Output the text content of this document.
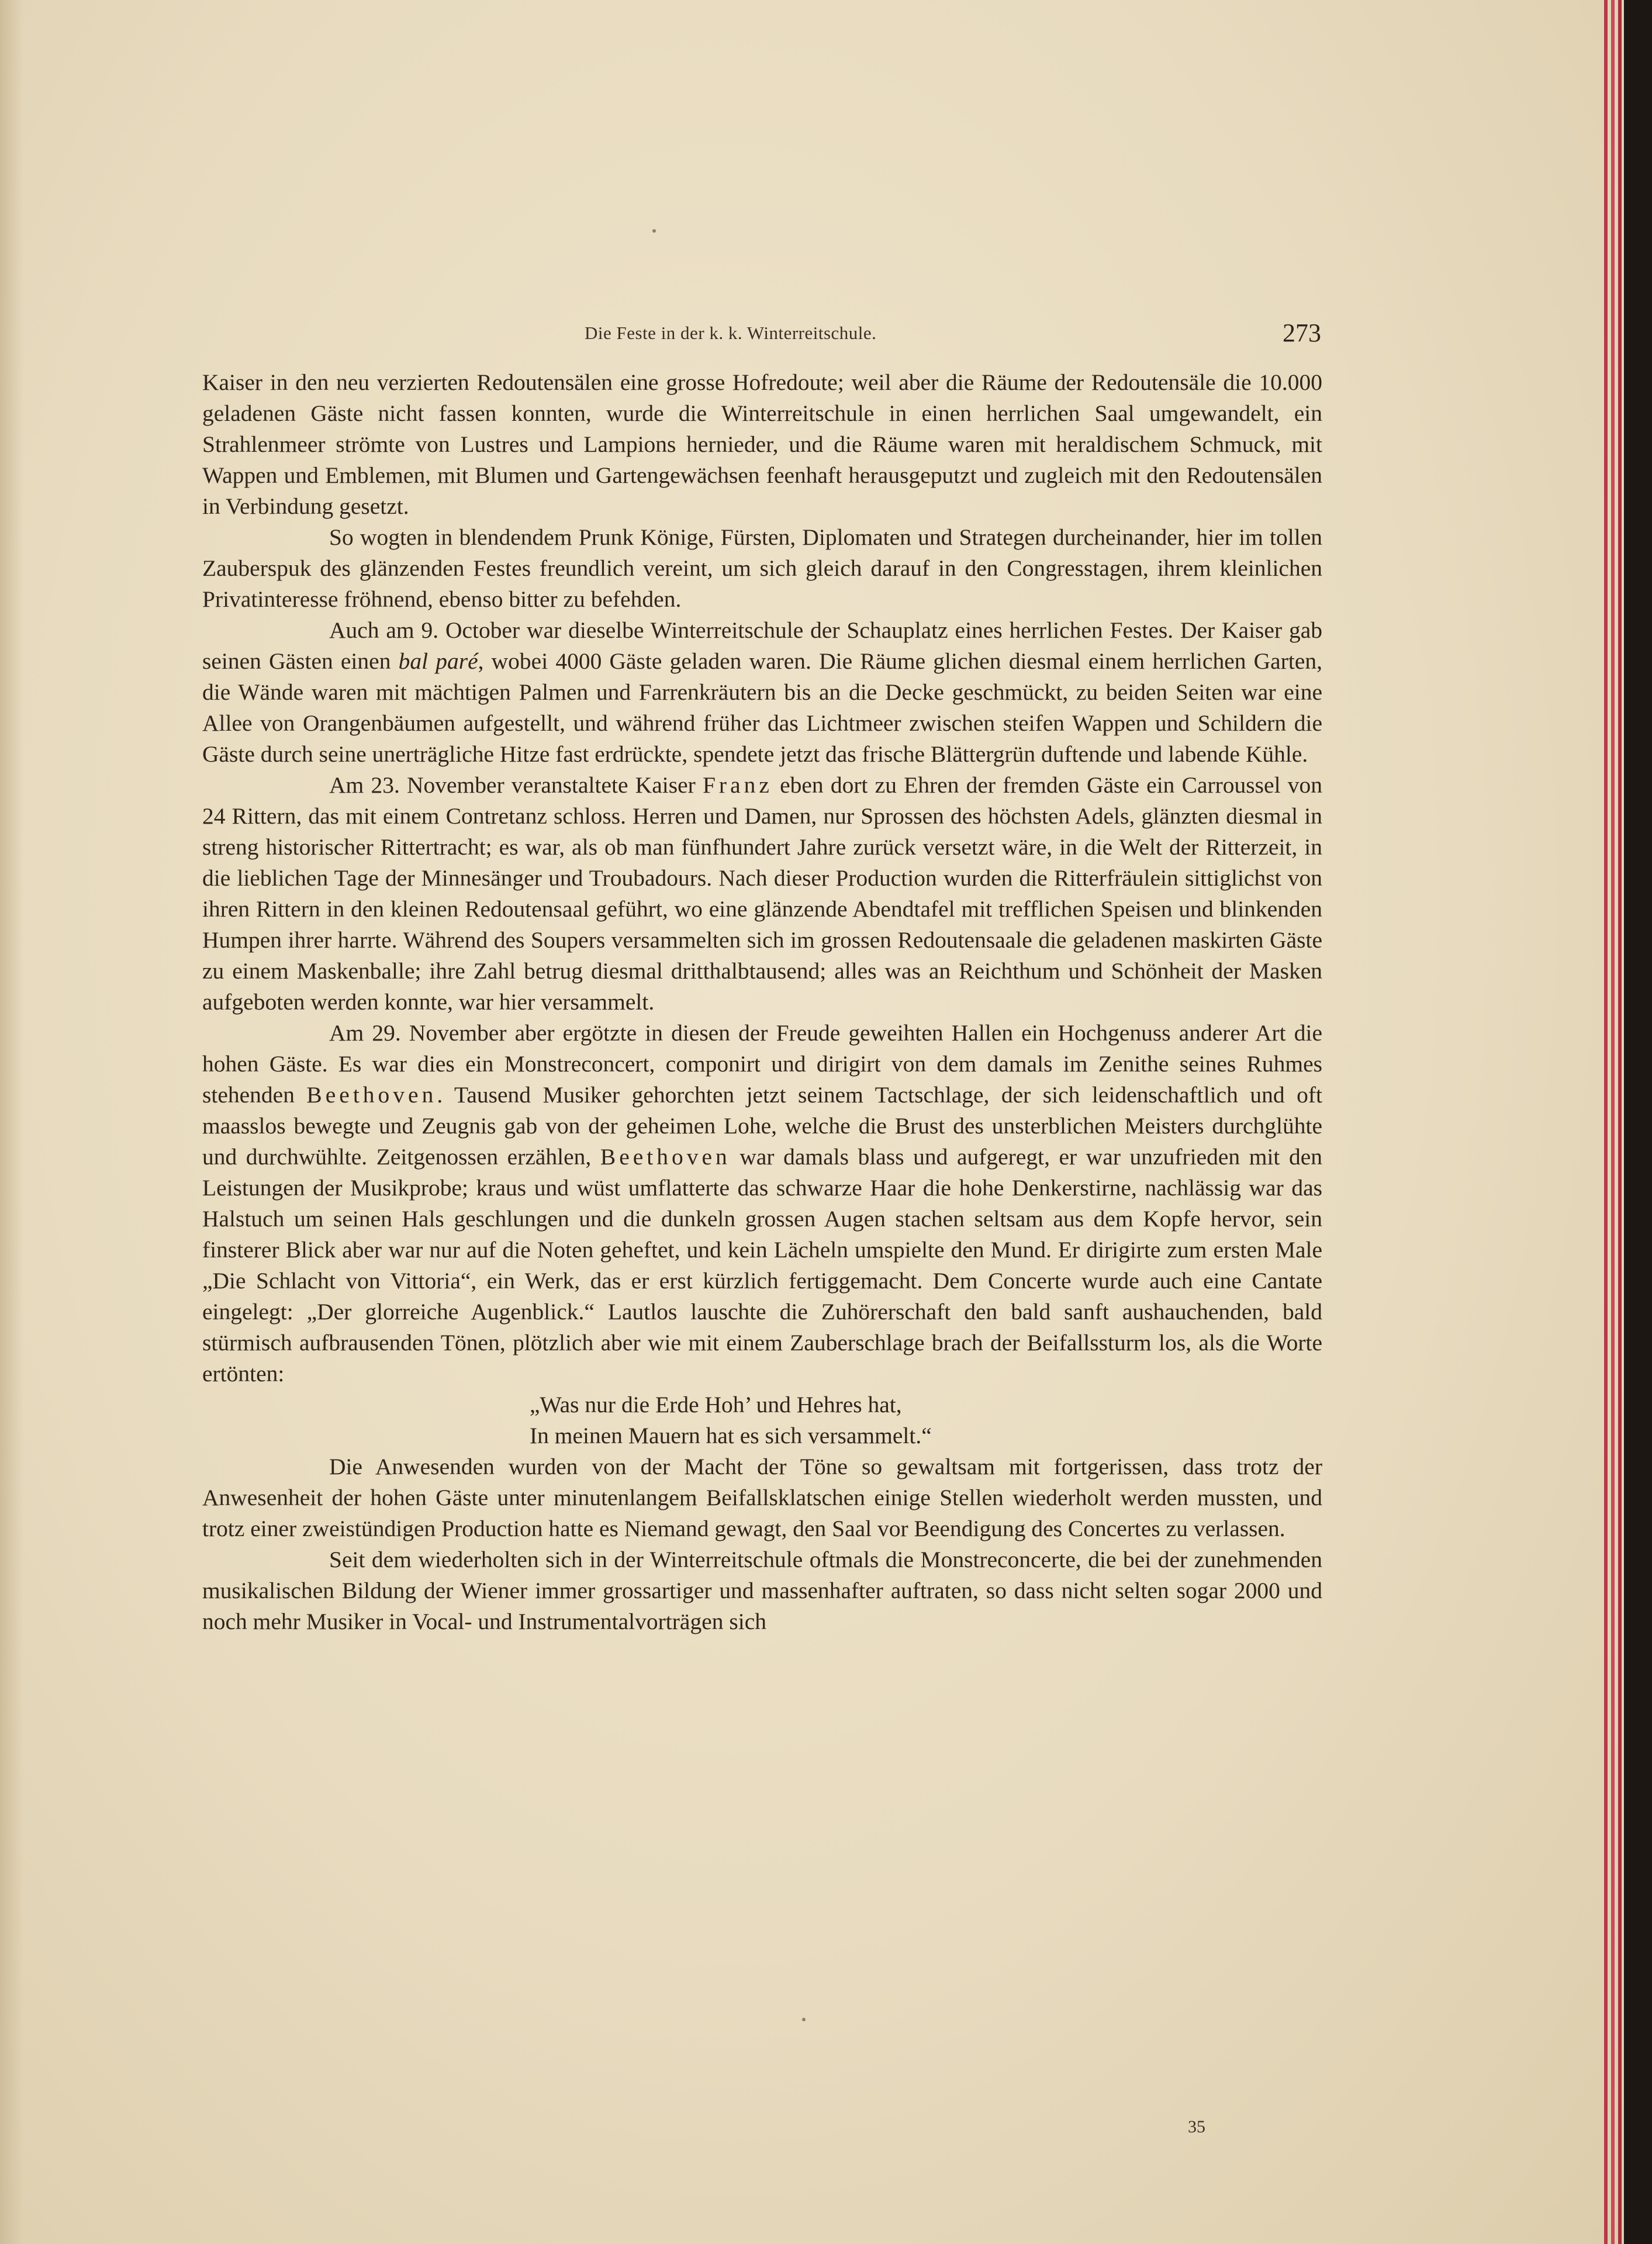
Die Feste in der k. k. Winterreitschule.	273

Kaiser in den neu verzierten Redoutensälen eine grosse Hofredoute; weil aber die Räume der Redoutensäle die 10.000 geladenen Gäste nicht fassen konnten, wurde die Winterreitschule in einen herrlichen Saal umgewandelt, ein Strahlenmeer strömte von Lustres und Lampions hernieder, und die Räume waren mit heraldischem Schmuck, mit Wappen und Emblemen, mit Blumen und Gartengewächsen feenhaft herausgeputzt und zugleich mit den Redoutensälen in Verbindung gesetzt.

So wogten in blendendem Prunk Könige, Fürsten, Diplomaten und Strategen durcheinander, hier im tollen Zauberspuk des glänzenden Festes freundlich vereint, um sich gleich darauf in den Congresstagen, ihrem kleinlichen Privatinteresse fröhnend, ebenso bitter zu befehden.

Auch am 9. October war dieselbe Winterreitschule der Schauplatz eines herrlichen Festes. Der Kaiser gab seinen Gästen einen bal paré, wobei 4000 Gäste geladen waren. Die Räume glichen diesmal einem herrlichen Garten, die Wände waren mit mächtigen Palmen und Farrenkräutern bis an die Decke geschmückt, zu beiden Seiten war eine Allee von Orangenbäumen aufgestellt, und während früher das Lichtmeer zwischen steifen Wappen und Schildern die Gäste durch seine unerträgliche Hitze fast erdrückte, spendete jetzt das frische Blättergrün duftende und labende Kühle.

Am 23. November veranstaltete Kaiser Franz eben dort zu Ehren der fremden Gäste ein Carroussel von 24 Rittern, das mit einem Contretanz schloss. Herren und Damen, nur Sprossen des höchsten Adels, glänzten diesmal in streng historischer Rittertracht; es war, als ob man fünfhundert Jahre zurück versetzt wäre, in die Welt der Ritterzeit, in die lieblichen Tage der Minnesänger und Troubadours. Nach dieser Production wurden die Ritterfräulein sittiglichst von ihren Rittern in den kleinen Redoutensaal geführt, wo eine glänzende Abendtafel mit trefflichen Speisen und blinkenden Humpen ihrer harrte. Während des Soupers versammelten sich im grossen Redoutensaale die geladenen maskirten Gäste zu einem Maskenballe; ihre Zahl betrug diesmal dritthalbtausend; alles was an Reichthum und Schönheit der Masken aufgeboten werden konnte, war hier versammelt.

Am 29. November aber ergötzte in diesen der Freude geweihten Hallen ein Hochgenuss anderer Art die hohen Gäste. Es war dies ein Monstreconcert, componirt und dirigirt von dem damals im Zenithe seines Ruhmes stehenden Beethoven. Tausend Musiker gehorchten jetzt seinem Tactschlage, der sich leidenschaftlich und oft maasslos bewegte und Zeugnis gab von der geheimen Lohe, welche die Brust des unsterblichen Meisters durchglühte und durchwühlte. Zeitgenossen erzählen, Beethoven war damals blass und aufgeregt, er war unzufrieden mit den Leistungen der Musikprobe; kraus und wüst umflatterte das schwarze Haar die hohe Denkerstirne, nachlässig war das Halstuch um seinen Hals geschlungen und die dunkeln grossen Augen stachen seltsam aus dem Kopfe hervor, sein finsterer Blick aber war nur auf die Noten geheftet, und kein Lächeln umspielte den Mund. Er dirigirte zum ersten Male „Die Schlacht von Vittoria“, ein Werk, das er erst kürzlich fertiggemacht. Dem Concerte wurde auch eine Cantate eingelegt: „Der glorreiche Augenblick.“ Lautlos lauschte die Zuhörerschaft den bald sanft aushauchenden, bald stürmisch aufbrausenden Tönen, plötzlich aber wie mit einem Zauberschlage brach der Beifallssturm los, als die Worte ertönten:

„Was nur die Erde Hoh’ und Hehres hat,
In meinen Mauern hat es sich versammelt.“

Die Anwesenden wurden von der Macht der Töne so gewaltsam mit fortgerissen, dass trotz der Anwesenheit der hohen Gäste unter minutenlangem Beifallsklatschen einige Stellen wiederholt werden mussten, und trotz einer zweistündigen Production hatte es Niemand gewagt, den Saal vor Beendigung des Concertes zu verlassen.

Seit dem wiederholten sich in der Winterreitschule oftmals die Monstreconcerte, die bei der zunehmenden musikalischen Bildung der Wiener immer grossartiger und massenhafter auftraten, so dass nicht selten sogar 2000 und noch mehr Musiker in Vocal- und Instrumentalvorträgen sich

35
